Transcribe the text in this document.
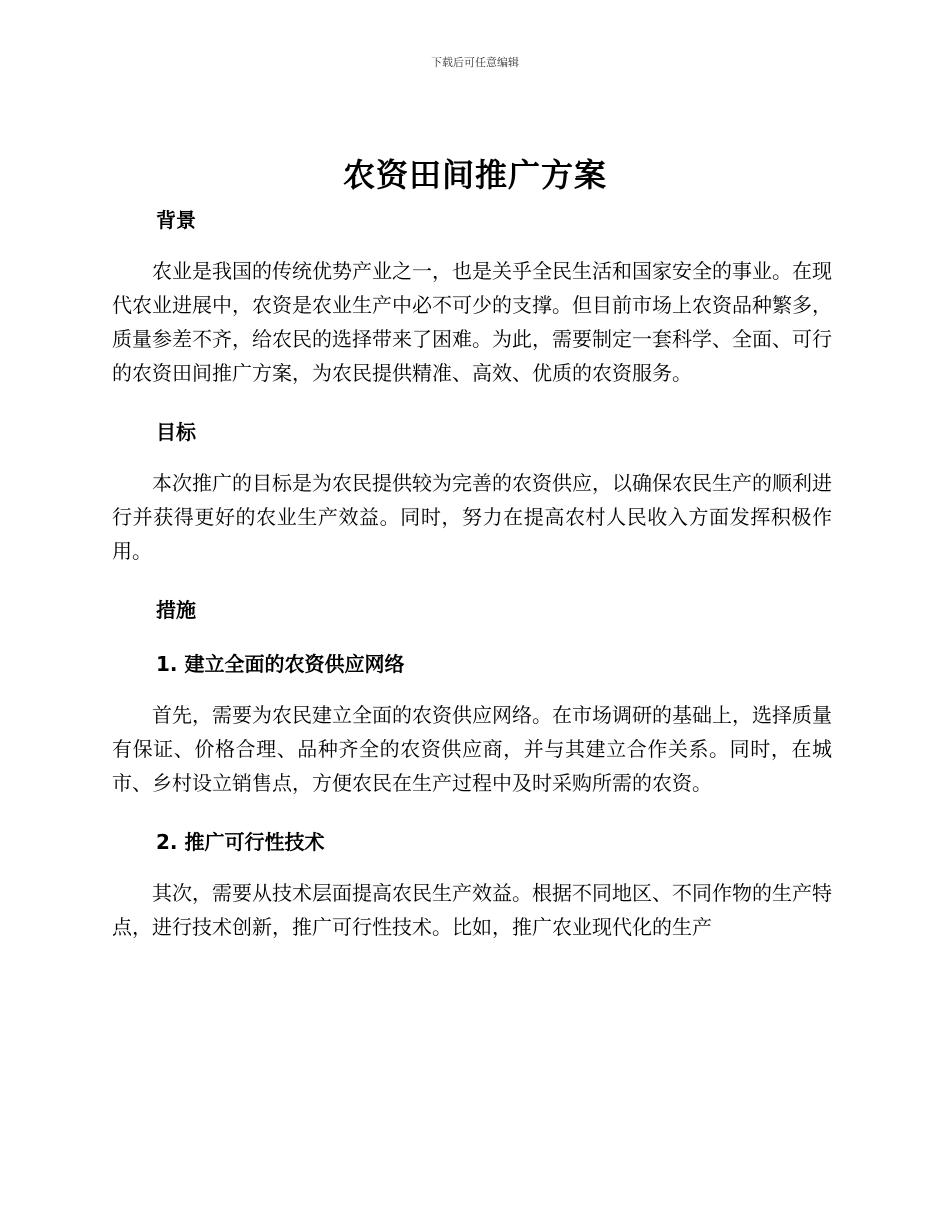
下载后可任意编辑
农资田间推广方案
背景

农业是我国的传统优势产业之一，也是关乎全民生活和国家安全的事业。在现代农业进展中，农资是农业生产中必不可少的支撑。但目前市场上农资品种繁多，质量参差不齐，给农民的选择带来了困难。为此，需要制定一套科学、全面、可行的农资田间推广方案，为农民提供精准、高效、优质的农资服务。

目标

本次推广的目标是为农民提供较为完善的农资供应，以确保农民生产的顺利进行并获得更好的农业生产效益。同时，努力在提高农村人民收入方面发挥积极作用。

措施
1. 建立全面的农资供应网络

首先，需要为农民建立全面的农资供应网络。在市场调研的基础上，选择质量有保证、价格合理、品种齐全的农资供应商，并与其建立合作关系。同时，在城市、乡村设立销售点，方便农民在生产过程中及时采购所需的农资。

2. 推广可行性技术

其次，需要从技术层面提高农民生产效益。根据不同地区、不同作物的生产特点，进行技术创新，推广可行性技术。比如，推广农业现代化的生产
